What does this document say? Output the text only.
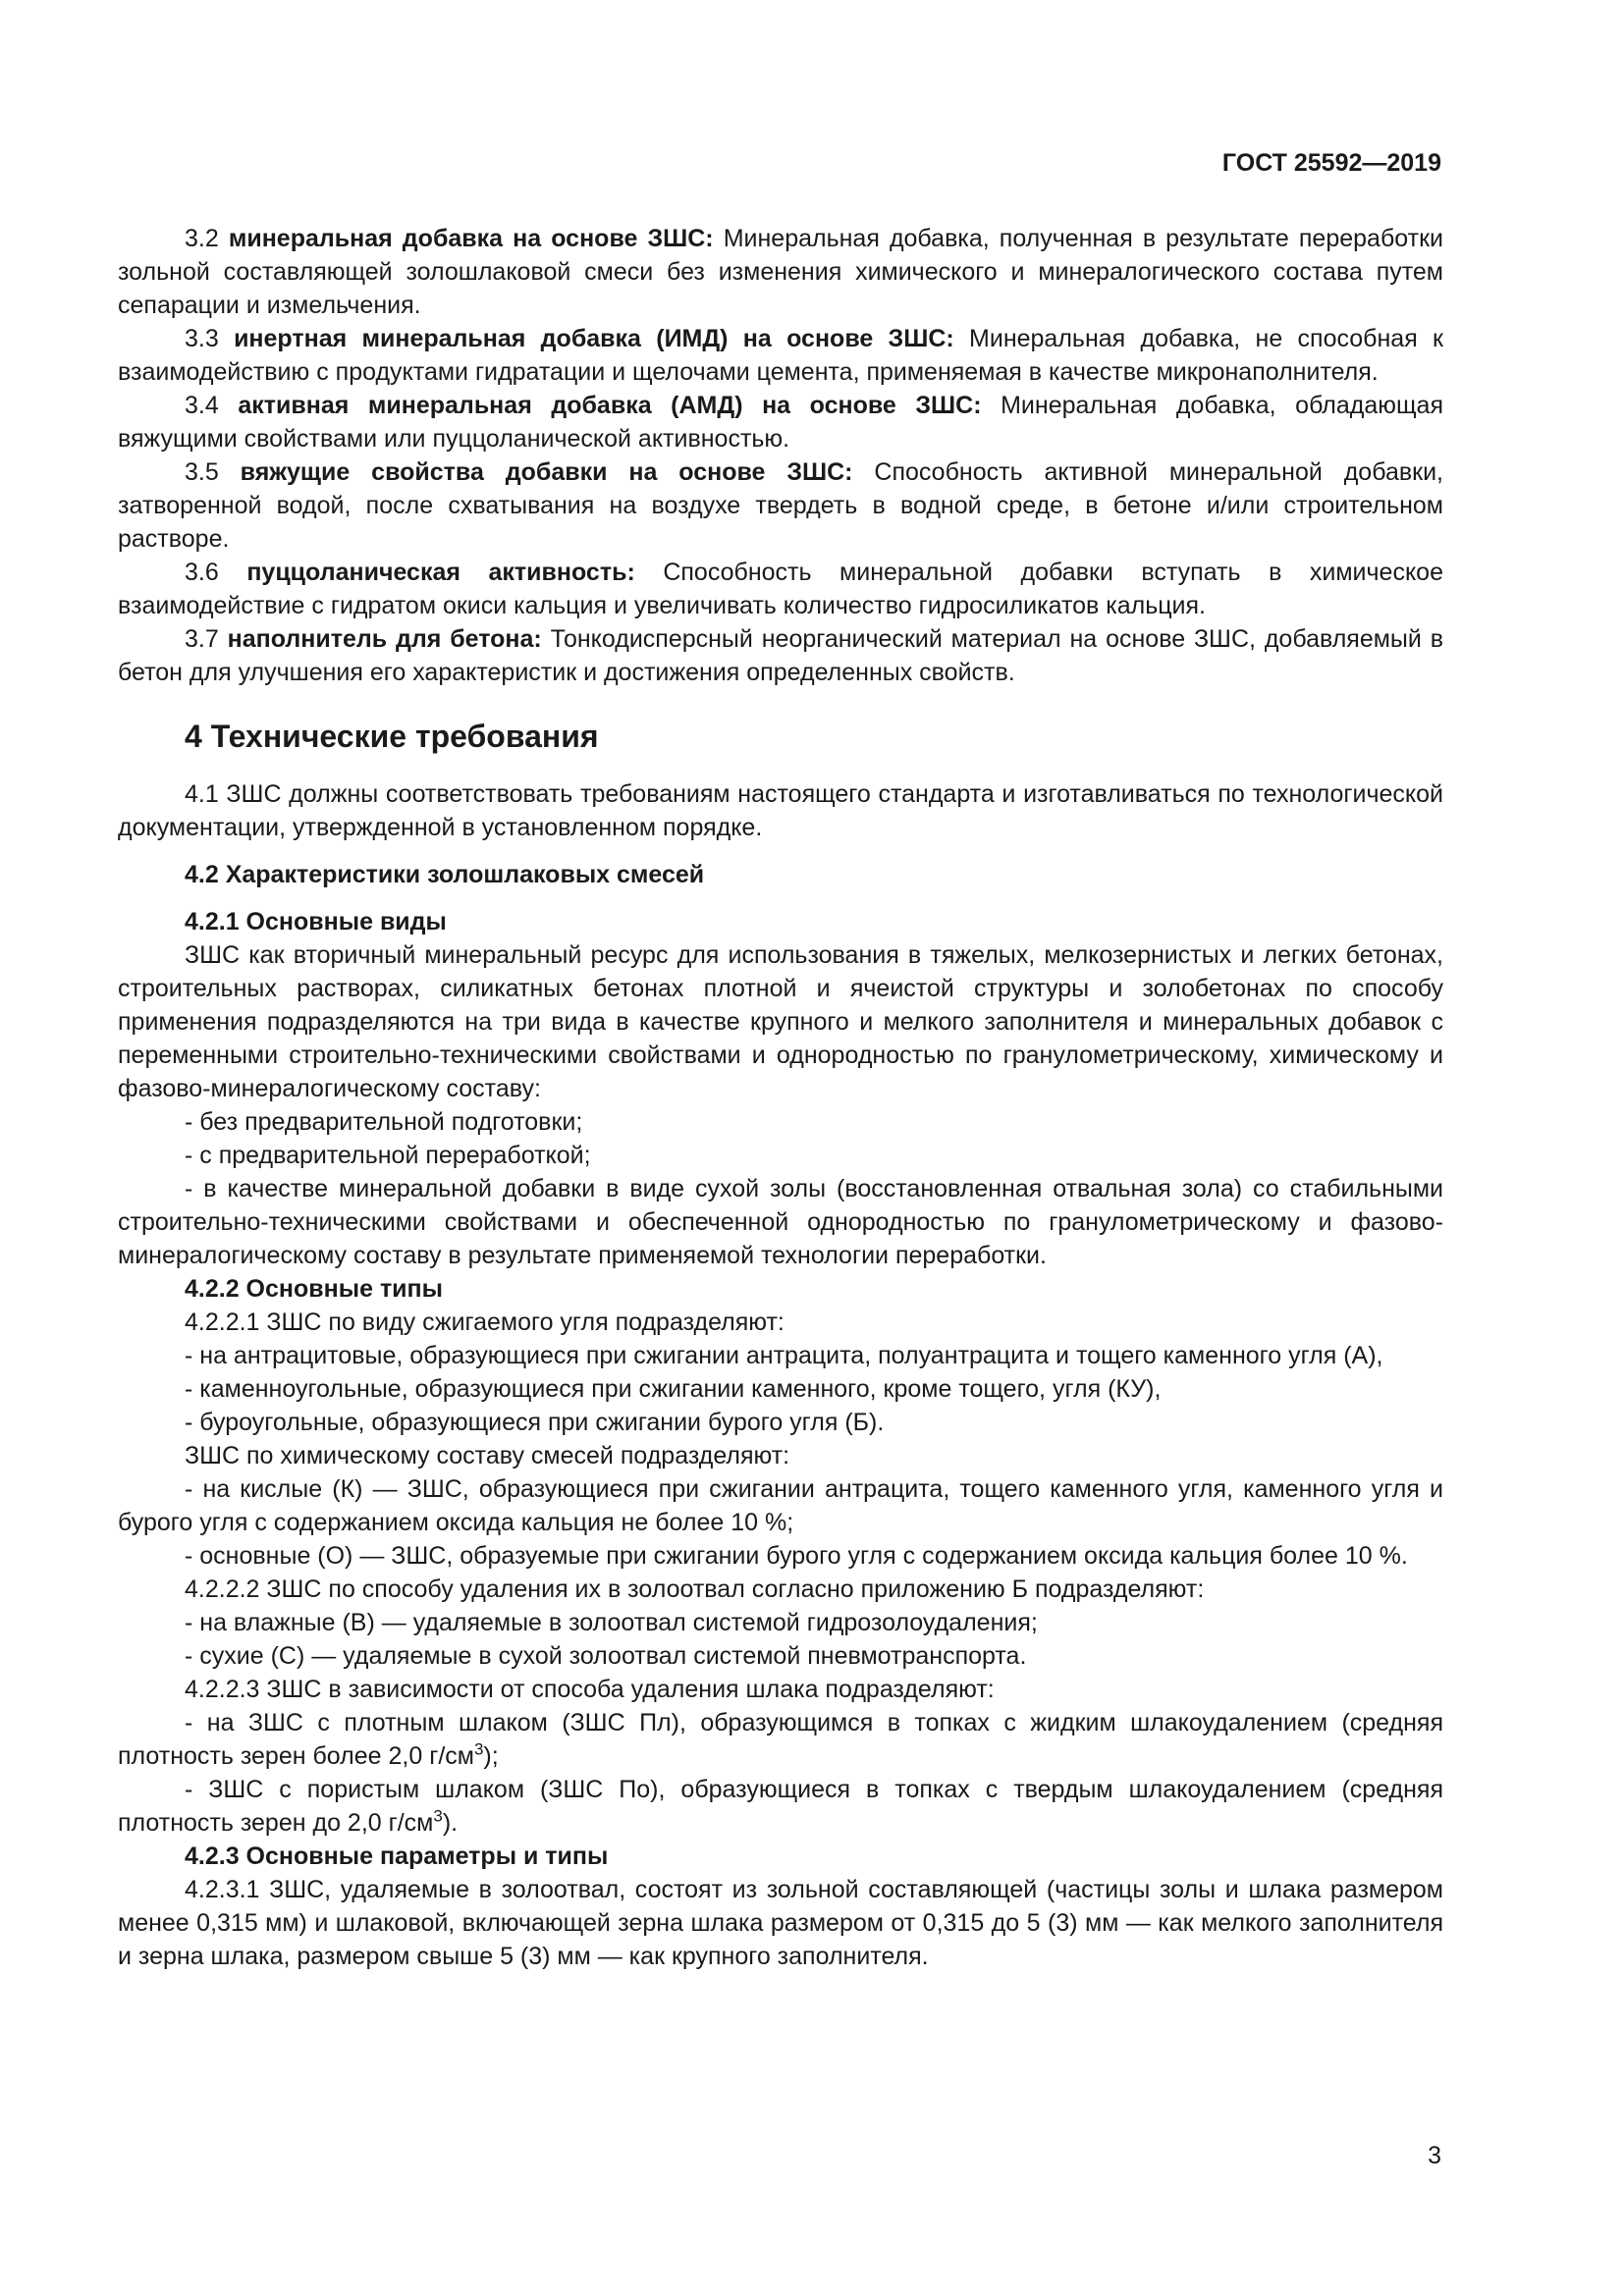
ГОСТ 25592—2019

3.2 минеральная добавка на основе ЗШС: Минеральная добавка, полученная в результате переработки зольной составляющей золошлаковой смеси без изменения химического и минералогического состава путем сепарации и измельчения.

3.3 инертная минеральная добавка (ИМД) на основе ЗШС: Минеральная добавка, не способная к взаимодействию с продуктами гидратации и щелочами цемента, применяемая в качестве микронаполнителя.

3.4 активная минеральная добавка (АМД) на основе ЗШС: Минеральная добавка, обладающая вяжущими свойствами или пуццоланической активностью.

3.5 вяжущие свойства добавки на основе ЗШС: Способность активной минеральной добавки, затворенной водой, после схватывания на воздухе твердеть в водной среде, в бетоне и/или строительном растворе.

3.6 пуццоланическая активность: Способность минеральной добавки вступать в химическое взаимодействие с гидратом окиси кальция и увеличивать количество гидросиликатов кальция.

3.7 наполнитель для бетона: Тонкодисперсный неорганический материал на основе ЗШС, добавляемый в бетон для улучшения его характеристик и достижения определенных свойств.

4 Технические требования

4.1 ЗШС должны соответствовать требованиям настоящего стандарта и изготавливаться по технологической документации, утвержденной в установленном порядке.

4.2 Характеристики золошлаковых смесей

4.2.1 Основные виды

ЗШС как вторичный минеральный ресурс для использования в тяжелых, мелкозернистых и легких бетонах, строительных растворах, силикатных бетонах плотной и ячеистой структуры и золобетонах по способу применения подразделяются на три вида в качестве крупного и мелкого заполнителя и минеральных добавок с переменными строительно-техническими свойствами и однородностью по гранулометрическому, химическому и фазово-минералогическому составу:

- без предварительной подготовки;

- с предварительной переработкой;

- в качестве минеральной добавки в виде сухой золы (восстановленная отвальная зола) со стабильными строительно-техническими свойствами и обеспеченной однородностью по гранулометрическому и фазово-минералогическому составу в результате применяемой технологии переработки.

4.2.2 Основные типы

4.2.2.1 ЗШС по виду сжигаемого угля подразделяют:

- на антрацитовые, образующиеся при сжигании антрацита, полуантрацита и тощего каменного угля (А),

- каменноугольные, образующиеся при сжигании каменного, кроме тощего, угля (КУ),

- буроугольные, образующиеся при сжигании бурого угля (Б).

ЗШС по химическому составу смесей подразделяют:

- на кислые (К) — ЗШС, образующиеся при сжигании антрацита, тощего каменного угля, каменного угля и бурого угля с содержанием оксида кальция не более 10 %;

- основные (О) — ЗШС, образуемые при сжигании бурого угля с содержанием оксида кальция более 10 %.

4.2.2.2 ЗШС по способу удаления их в золоотвал согласно приложению Б подразделяют:

- на влажные (В) — удаляемые в золоотвал системой гидрозолоудаления;

- сухие (С) — удаляемые в сухой золоотвал системой пневмотранспорта.

4.2.2.3 ЗШС в зависимости от способа удаления шлака подразделяют:

- на ЗШС с плотным шлаком (ЗШС Пл), образующимся в топках с жидким шлакоудалением (средняя плотность зерен более 2,0 $г/см^3$);

- ЗШС с пористым шлаком (ЗШС По), образующиеся в топках с твердым шлакоудалением (средняя плотность зерен до 2,0 $г/см^3$).

4.2.3 Основные параметры и типы

4.2.3.1 ЗШС, удаляемые в золоотвал, состоят из зольной составляющей (частицы золы и шлака размером менее 0,315 мм) и шлаковой, включающей зерна шлака размером от 0,315 до 5 (3) мм — как мелкого заполнителя и зерна шлака, размером свыше 5 (3) мм — как крупного заполнителя.

3
